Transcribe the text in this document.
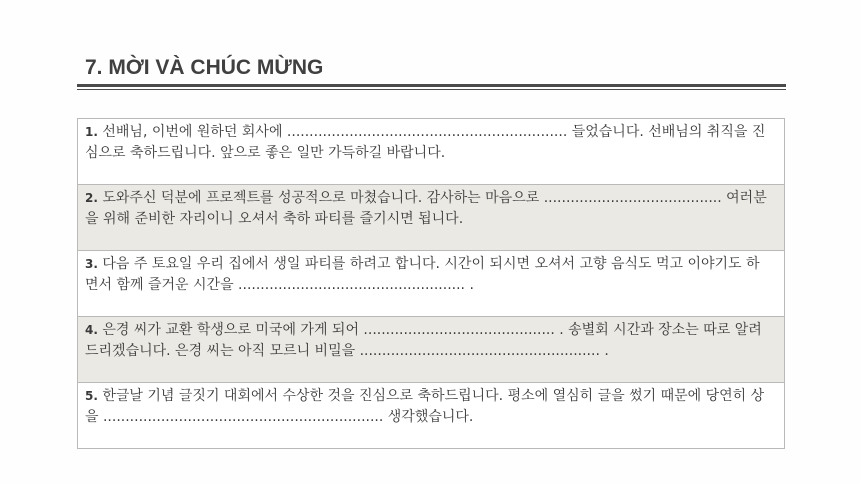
7. MỜI VÀ CHÚC MỪNG
1. 선배님, 이번에 원하던 회사에 ............................................................... 들었습니다. 선배님의 취직을 진심으로 축하드립니다. 앞으로 좋은 일만 가득하길 바랍니다.
2. 도와주신 덕분에 프로젝트를 성공적으로 마쳤습니다. 감사하는 마음으로 ........................................ 여러분을 위해 준비한 자리이니 오셔서 축하 파티를 즐기시면 됩니다.
3. 다음 주 토요일 우리 집에서 생일 파티를 하려고 합니다. 시간이 되시면 오셔서 고향 음식도 먹고 이야기도 하면서 함께 즐거운 시간을 ................................................... .
4. 은경 씨가 교환 학생으로 미국에 가게 되어 ........................................... . 송별회 시간과 장소는 따로 알려드리겠습니다. 은경 씨는 아직 모르니 비밀을 ...................................................... .
5. 한글날 기념 글짓기 대회에서 수상한 것을 진심으로 축하드립니다. 평소에 열심히 글을 썼기 때문에 당연히 상을 ............................................................... 생각했습니다.
